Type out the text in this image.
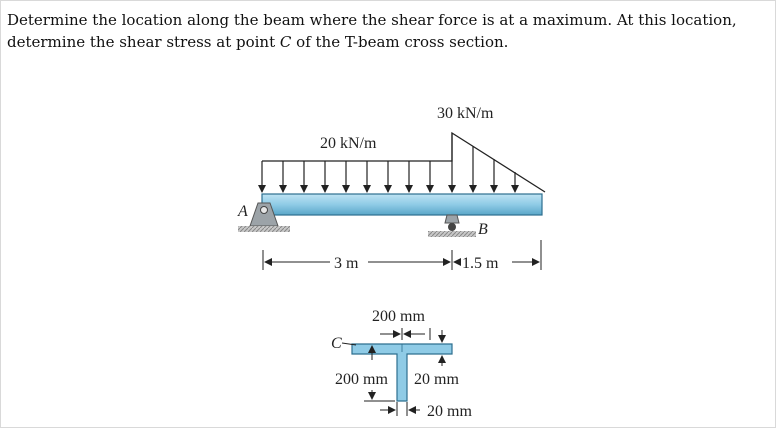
Determine the location along the beam where the shear force is at a maximum. At this location,
determine the shear stress at point C of the T-beam cross section.

20 kN/m
30 kN/m
A
B
3 m	1.5 m
200 mm
C
20 mm
200 mm
20 mm
